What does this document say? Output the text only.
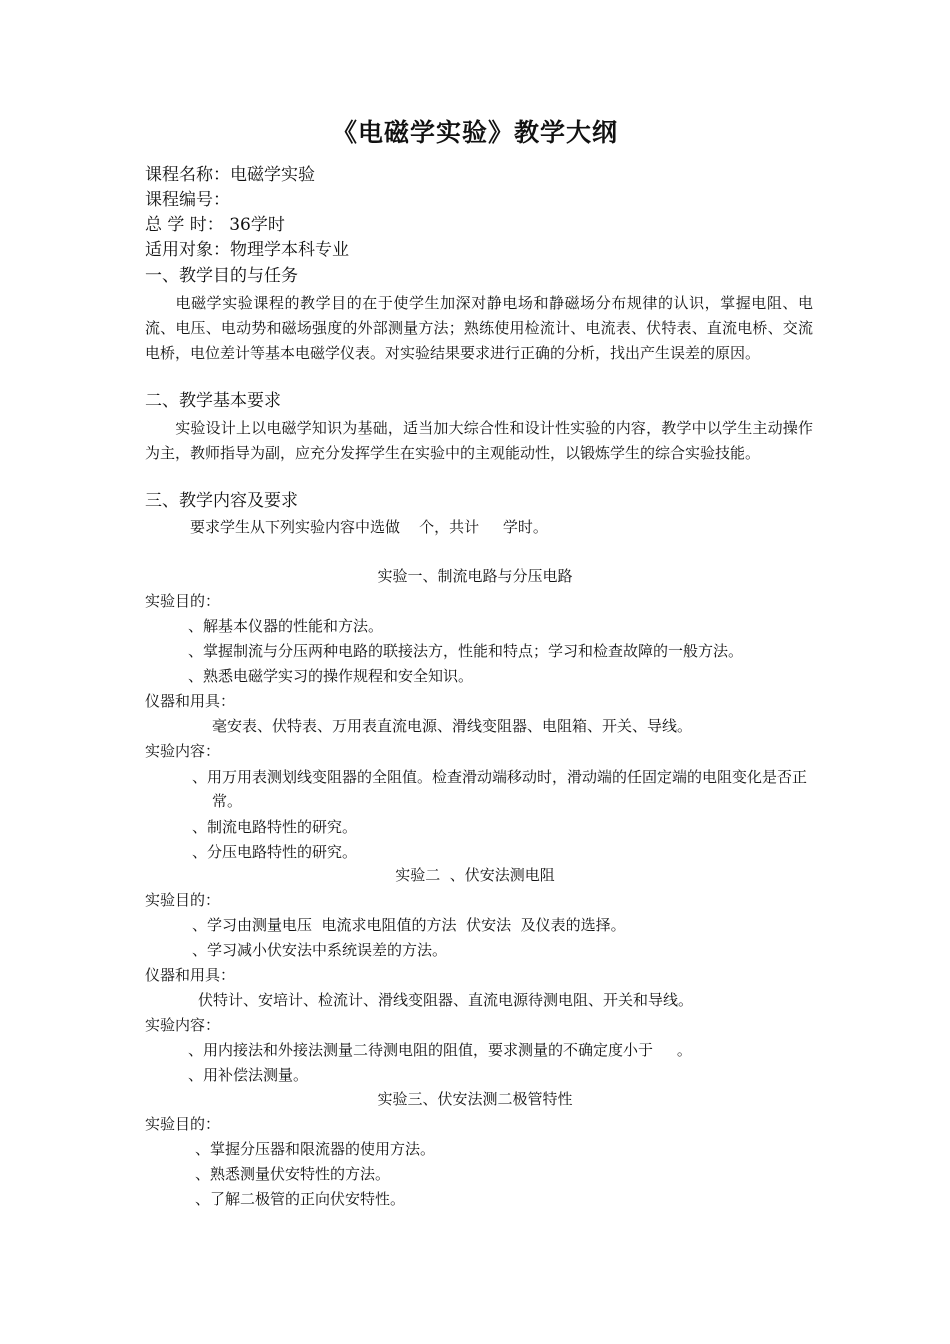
《电磁学实验》教学大纲

课程名称：电磁学实验

课程编号：

总 学 时： 36学时

适用对象：物理学本科专业

一、教学目的与任务

电磁学实验课程的教学目的在于使学生加深对静电场和静磁场分布规律的认识，掌握电阻、电流、电压、电动势和磁场强度的外部测量方法；熟练使用检流计、电流表、伏特表、直流电桥、交流电桥，电位差计等基本电磁学仪表。对实验结果要求进行正确的分析，找出产生误差的原因。

二、教学基本要求

实验设计上以电磁学知识为基础，适当加大综合性和设计性实验的内容，教学中以学生主动操作为主，教师指导为副，应充分发挥学生在实验中的主观能动性，以锻炼学生的综合实验技能。

三、教学内容及要求

要求学生从下列实验内容中选做    个，共计     学时。

实验一、制流电路与分压电路

实验目的：

、解基本仪器的性能和方法。

、掌握制流与分压两种电路的联接法方，性能和特点；学习和检查故障的一般方法。

、熟悉电磁学实习的操作规程和安全知识。

仪器和用具：

毫安表、伏特表、万用表直流电源、滑线变阻器、电阻箱、开关、导线。

实验内容：

、用万用表测划线变阻器的全阻值。检查滑动端移动时，滑动端的任固定端的电阻变化是否正常。

、制流电路特性的研究。

、分压电路特性的研究。

实验二  、伏安法测电阻

实验目的：

、学习由测量电压  电流求电阻值的方法  伏安法  及仪表的选择。

、学习减小伏安法中系统误差的方法。

仪器和用具：

伏特计、安培计、检流计、滑线变阻器、直流电源待测电阻、开关和导线。

实验内容：

、用内接法和外接法测量二待测电阻的阻值，要求测量的不确定度小于     。

、用补偿法测量。

实验三、伏安法测二极管特性

实验目的：

、掌握分压器和限流器的使用方法。

、熟悉测量伏安特性的方法。

、了解二极管的正向伏安特性。
